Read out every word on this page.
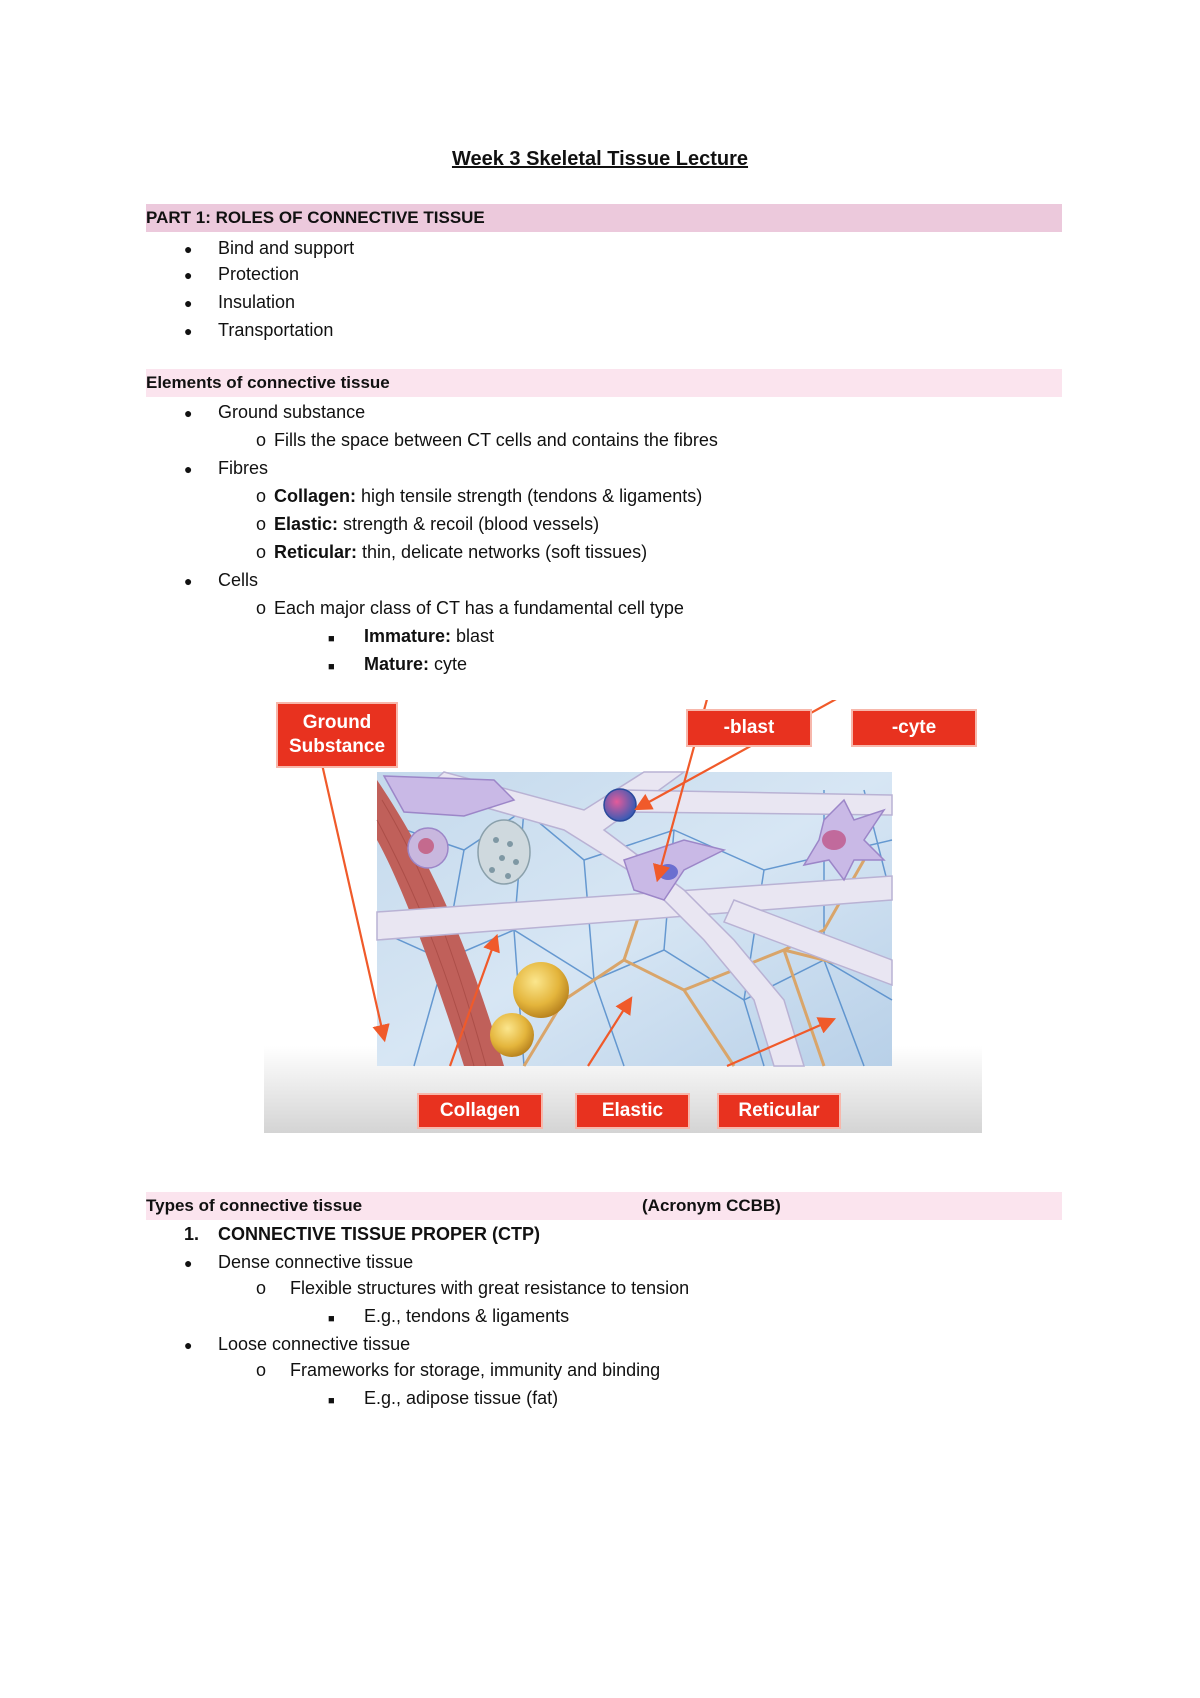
Week 3 Skeletal Tissue Lecture
PART 1: ROLES OF CONNECTIVE TISSUE
● Bind and support
● Protection
● Insulation
● Transportation
Elements of connective tissue
● Ground substance
o Fills the space between CT cells and contains the fibres
● Fibres
o Collagen: high tensile strength (tendons & ligaments)
o Elastic: strength & recoil (blood vessels)
o Reticular: thin, delicate networks (soft tissues)
● Cells
o Each major class of CT has a fundamental cell type
■ Immature: blast
■ Mature: cyte
Ground
Substance
-blast	-cyte
Collagen	Elastic	Reticular
Types of connective tissue	(Acronym CCBB)
1. CONNECTIVE TISSUE PROPER (CTP)
● Dense connective tissue
o Flexible structures with great resistance to tension
■ E.g., tendons & ligaments
● Loose connective tissue
o Frameworks for storage, immunity and binding
■ E.g., adipose tissue (fat)
